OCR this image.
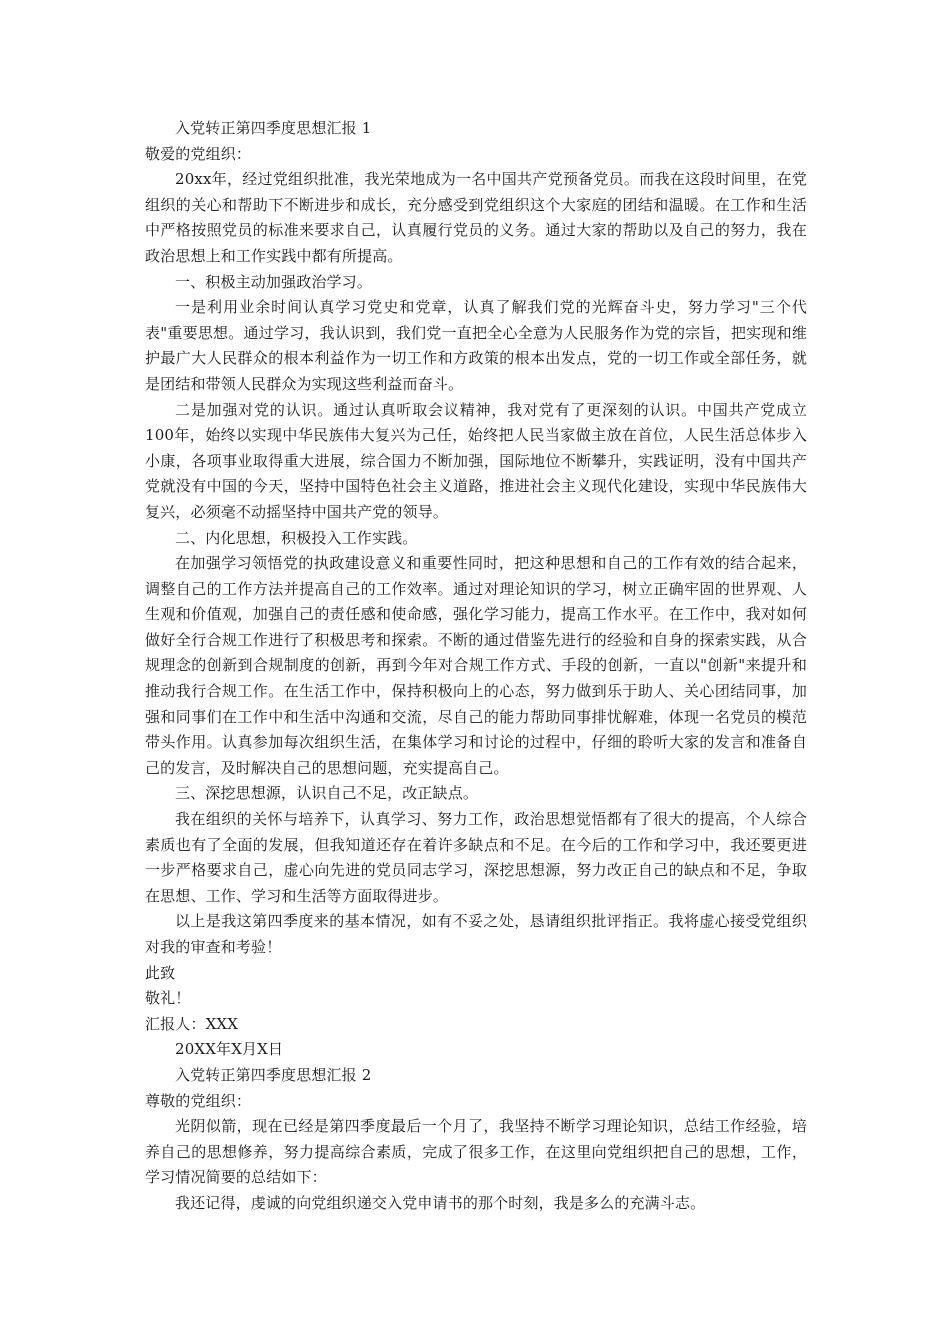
入党转正第四季度思想汇报 1

敬爱的党组织：

20xx年，经过党组织批准，我光荣地成为一名中国共产党预备党员。而我在这段时间里，在党组织的关心和帮助下不断进步和成长，充分感受到党组织这个大家庭的团结和温暖。在工作和生活中严格按照党员的标准来要求自己，认真履行党员的义务。通过大家的帮助以及自己的努力，我在政治思想上和工作实践中都有所提高。

一、积极主动加强政治学习。

一是利用业余时间认真学习党史和党章，认真了解我们党的光辉奋斗史，努力学习"三个代表"重要思想。通过学习，我认识到，我们党一直把全心全意为人民服务作为党的宗旨，把实现和维护最广大人民群众的根本利益作为一切工作和方政策的根本出发点，党的一切工作或全部任务，就是团结和带领人民群众为实现这些利益而奋斗。

二是加强对党的认识。通过认真听取会议精神，我对党有了更深刻的认识。中国共产党成立100年，始终以实现中华民族伟大复兴为己任，始终把人民当家做主放在首位，人民生活总体步入小康，各项事业取得重大进展，综合国力不断加强，国际地位不断攀升，实践证明，没有中国共产党就没有中国的今天，坚持中国特色社会主义道路，推进社会主义现代化建设，实现中华民族伟大复兴，必须毫不动摇坚持中国共产党的领导。

二、内化思想，积极投入工作实践。

在加强学习领悟党的执政建设意义和重要性同时，把这种思想和自己的工作有效的结合起来，调整自己的工作方法并提高自己的工作效率。通过对理论知识的学习，树立正确牢固的世界观、人生观和价值观，加强自己的责任感和使命感，强化学习能力，提高工作水平。在工作中，我对如何做好全行合规工作进行了积极思考和探索。不断的通过借鉴先进行的经验和自身的探索实践，从合规理念的创新到合规制度的创新，再到今年对合规工作方式、手段的创新，一直以"创新"来提升和推动我行合规工作。在生活工作中，保持积极向上的心态，努力做到乐于助人、关心团结同事，加强和同事们在工作中和生活中沟通和交流，尽自己的能力帮助同事排忧解难，体现一名党员的模范带头作用。认真参加每次组织生活，在集体学习和讨论的过程中，仔细的聆听大家的发言和准备自己的发言，及时解决自己的思想问题，充实提高自己。

三、深挖思想源，认识自己不足，改正缺点。

我在组织的关怀与培养下，认真学习、努力工作，政治思想觉悟都有了很大的提高，个人综合素质也有了全面的发展，但我知道还存在着许多缺点和不足。在今后的工作和学习中，我还要更进一步严格要求自己，虚心向先进的党员同志学习，深挖思想源，努力改正自己的缺点和不足，争取在思想、工作、学习和生活等方面取得进步。

以上是我这第四季度来的基本情况，如有不妥之处，恳请组织批评指正。我将虚心接受党组织对我的审查和考验！

此致

敬礼！

汇报人：XXX

20XX年X月X日

入党转正第四季度思想汇报 2

尊敬的党组织：

光阴似箭，现在已经是第四季度最后一个月了，我坚持不断学习理论知识，总结工作经验，培养自己的思想修养，努力提高综合素质，完成了很多工作，在这里向党组织把自己的思想，工作，学习情况简要的总结如下：

我还记得，虔诚的向党组织递交入党申请书的那个时刻，我是多么的充满斗志。
